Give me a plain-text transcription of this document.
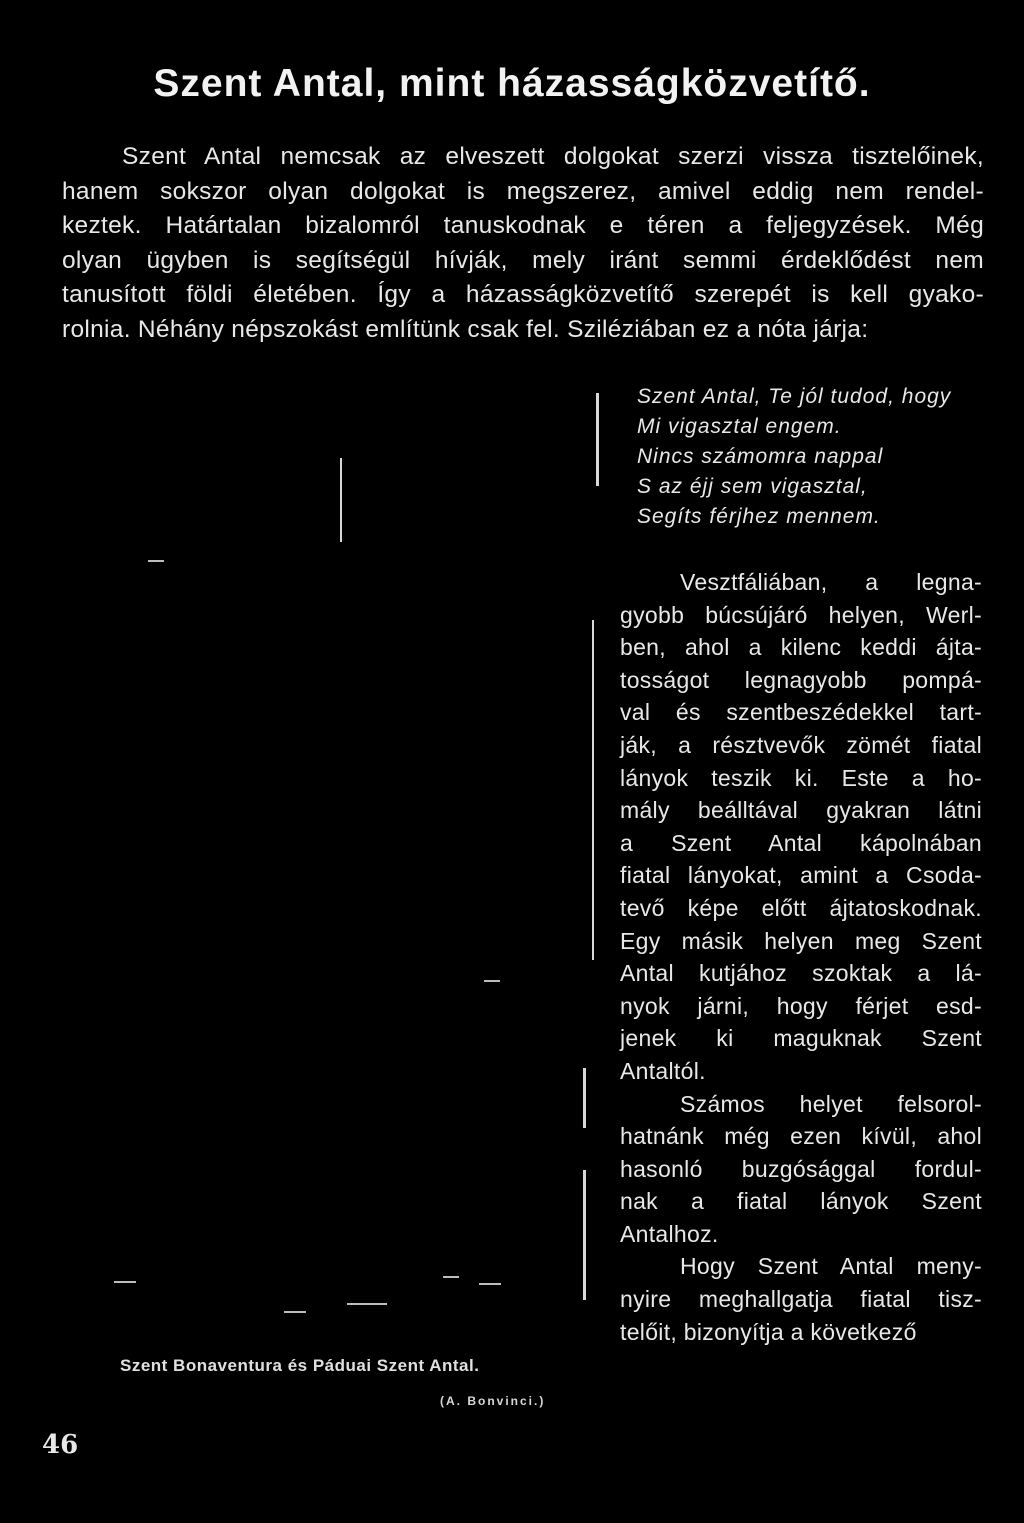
Szent Antal, mint házasságközvetítő.
Szent Antal nemcsak az elveszett dolgokat szerzi vissza tisztelőinek,
hanem sokszor olyan dolgokat is megszerez, amivel eddig nem rendel-
keztek. Határtalan bizalomról tanuskodnak e téren a feljegyzések. Még
olyan ügyben is segítségül hívják, mely iránt semmi érdeklődést nem
tanusított földi életében. Így a házasságközvetítő szerepét is kell gyako-
rolnia. Néhány népszokást említünk csak fel. Sziléziában ez a nóta járja:
Szent Antal, Te jól tudod, hogy
Mi vigasztal engem.
Nincs számomra nappal
S az éjj sem vigasztal,
Segíts férjhez mennem.
Vesztfáliában, a legna-
gyobb búcsújáró helyen, Werl-
ben, ahol a kilenc keddi ájta-
tosságot legnagyobb pompá-
val és szentbeszédekkel tart-
ják, a résztvevők zömét fiatal
lányok teszik ki. Este a ho-
mály beálltával gyakran látni
a Szent Antal kápolnában
fiatal lányokat, amint a Csoda-
tevő képe előtt ájtatoskodnak.
Egy másik helyen meg Szent
Antal kutjához szoktak a lá-
nyok járni, hogy férjet esd-
jenek ki maguknak Szent
Antaltól.
Számos helyet felsorol-
hatnánk még ezen kívül, ahol
hasonló buzgósággal fordul-
nak a fiatal lányok Szent
Antalhoz.
Hogy Szent Antal meny-
nyire meghallgatja fiatal tisz-
telőit, bizonyítja a következő
Szent Bonaventura és Páduai Szent Antal.
(A. Bonvinci.)
46
